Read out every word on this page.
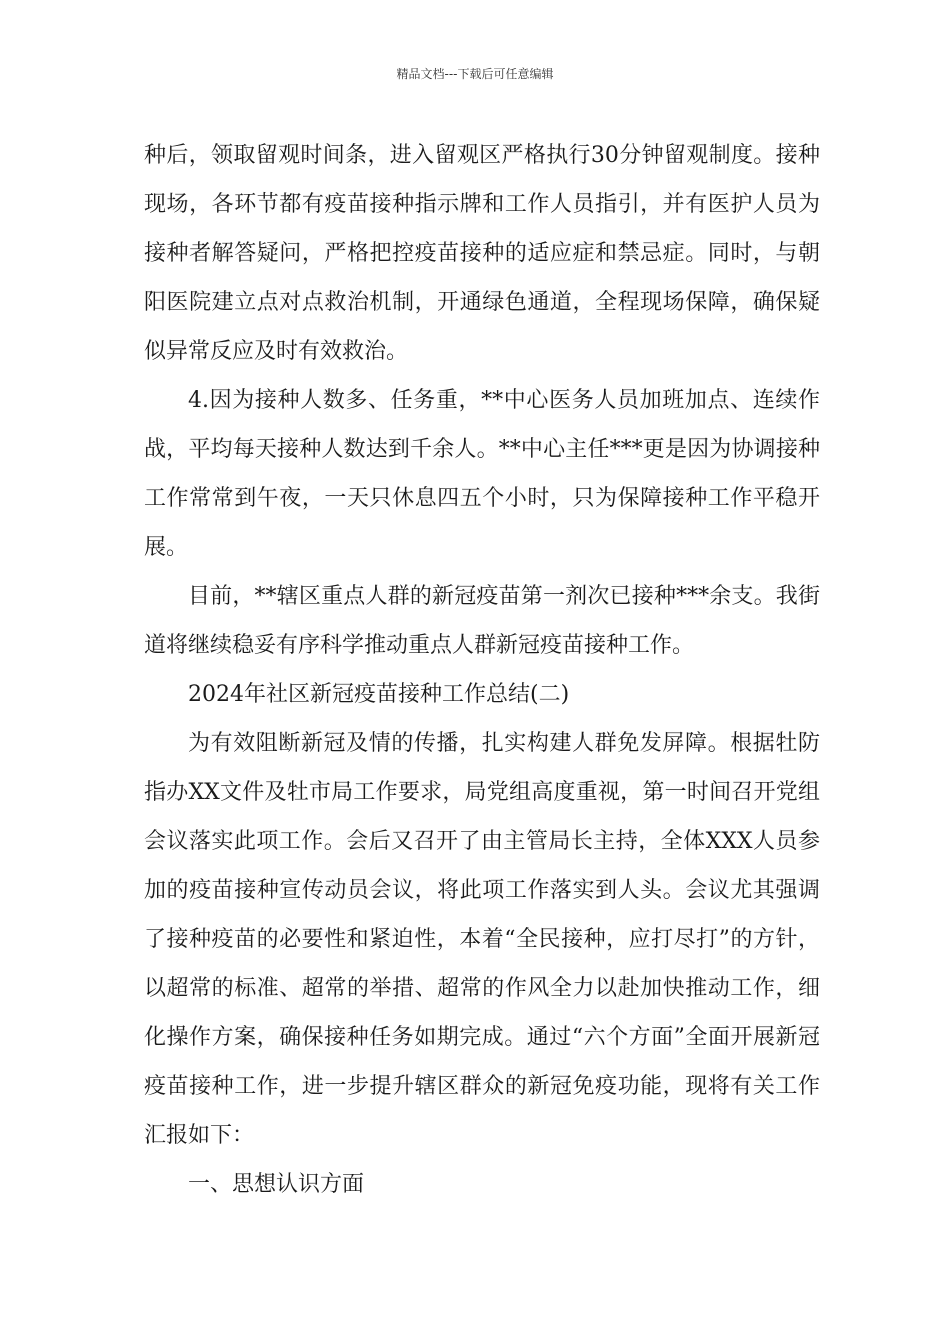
精品文档---下载后可任意编辑

种后，领取留观时间条，进入留观区严格执行30分钟留观制度。接种现场，各环节都有疫苗接种指示牌和工作人员指引，并有医护人员为接种者解答疑问，严格把控疫苗接种的适应症和禁忌症。同时，与朝阳医院建立点对点救治机制，开通绿色通道，全程现场保障，确保疑似异常反应及时有效救治。

4.因为接种人数多、任务重，**中心医务人员加班加点、连续作战，平均每天接种人数达到千余人。**中心主任***更是因为协调接种工作常常到午夜，一天只休息四五个小时，只为保障接种工作平稳开展。

目前，**辖区重点人群的新冠疫苗第一剂次已接种***余支。我街道将继续稳妥有序科学推动重点人群新冠疫苗接种工作。

2024年社区新冠疫苗接种工作总结(二)

为有效阻断新冠及情的传播，扎实构建人群免发屏障。根据牡防指办XX文件及牡市局工作要求，局党组高度重视，第一时间召开党组会议落实此项工作。会后又召开了由主管局长主持，全体XXX人员参加的疫苗接种宣传动员会议，将此项工作落实到人头。会议尤其强调了接种疫苗的必要性和紧迫性，本着“全民接种，应打尽打”的方针，以超常的标准、超常的举措、超常的作风全力以赴加快推动工作，细化操作方案，确保接种任务如期完成。通过“六个方面”全面开展新冠疫苗接种工作，进一步提升辖区群众的新冠免疫功能，现将有关工作汇报如下：

一、思想认识方面
